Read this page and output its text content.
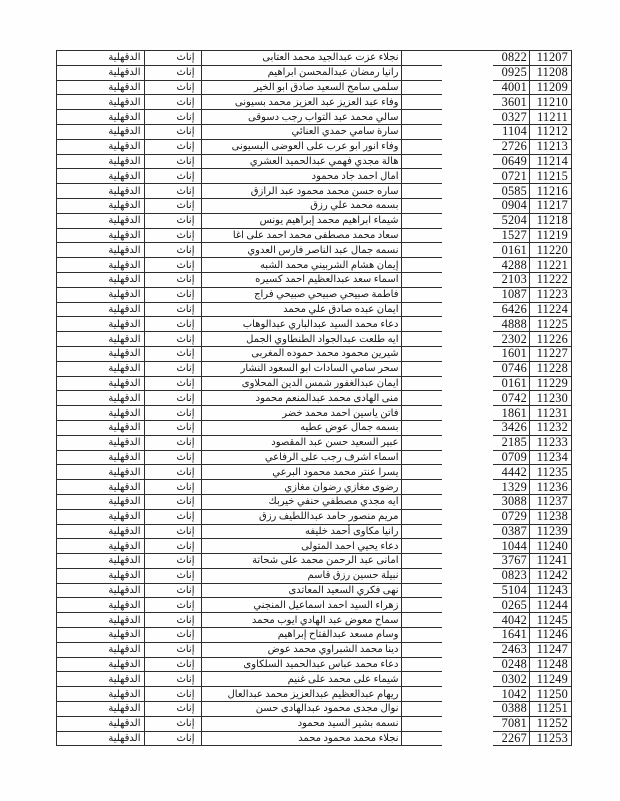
الدقهلية	إناث	نجلاء عزت عبدالجيد محمد العتابى	0822 11207
الدقهلية	إناث	رانيا رمضان عبدالمحسن ابراهيم	0925 11208
الدقهلية	إناث	سلمى سامح السعيد صادق ابو الخير	4001 11209
الدقهلية	إناث	وفاء عبد العزيز عبد العزيز محمد بسيونى	3601 11210
الدقهلية	إناث	سالي محمد عبد التواب رجب دسوقى	0327 11211
الدقهلية	إناث	سارة سامي حمدي العنائي	1104 11212
الدقهلية	إناث	وفاء انور ابو عرب على العوضى البسيونى	2726 11213
الدقهلية	إناث	هالة مجدي فهمي عبدالحميد العشري	0649 11214
الدقهلية	إناث	امال احمد جاد محمود	0721 11215
الدقهلية	إناث	ساره حسن محمد محمود عبد الرازق	0585 11216
الدقهلية	إناث	بسمه محمد علي رزق	0904 11217
الدقهلية	إناث	شيماء ابراهيم محمد إبراهيم يونس	5204 11218
الدقهلية	إناث	سعاد محمد مصطفى محمد احمد على اغا	1527 11219
الدقهلية	إناث	نسمه جمال عبد الناصر فارس العدوي	0161 11220
الدقهلية	إناث	إيمان هشام الشربيني محمد الشبه	4288 11221
الدقهلية	إناث	اسماء سعد عبدالعظيم احمد كسيره	2103 11222
الدقهلية	إناث	فاطمة صبيحي صبيحي صبيحي فراج	1087 11223
الدقهلية	إناث	ايمان عبده صادق علي محمد	6426 11224
الدقهلية	إناث	دعاء محمد السيد عبدالباري عبدالوهاب	4888 11225
الدقهلية	إناث	ايه طلعت عبدالجواد الطنطاوي الجمل	2302 11226
الدقهلية	إناث	شيرين محمود محمد حموده المغربى	1601 11227
الدقهلية	إناث	سحر سامي السادات ابو السعود النشار	0746 11228
الدقهلية	إناث	ايمان عبدالغفور شمس الدين المحلاوى	0161 11229
الدقهلية	إناث	منى الهادى محمد عبدالمنعم محمود	0742 11230
الدقهلية	إناث	فاتن ياسين احمد محمد خضر	1861 11231
الدقهلية	إناث	بسمه جمال عوض عطيه	3426 11232
الدقهلية	إناث	عبير السعيد حسن عبد المقصود	2185 11233
الدقهلية	إناث	اسماء اشرف رجب على الرفاعي	0709 11234
الدقهلية	إناث	يسرا عنتر محمد محمود البرعي	4442 11235
الدقهلية	إناث	رضوى مغازي رضوان مغازي	1329 11236
الدقهلية	إناث	ايه مجدي مصطفي حنفي خيربك	3088 11237
الدقهلية	إناث	مريم منصور حامد عبداللطيف رزق	0729 11238
الدقهلية	إناث	رانيا مكاوى أحمد خليفه	0387 11239
الدقهلية	إناث	دعاء يحيي احمد المتولى	1044 11240
الدقهلية	إناث	امانى عبد الرحمن محمد على شحاتة	3767 11241
الدقهلية	إناث	نبيلة حسين رزق قاسم	0823 11242
الدقهلية	إناث	نهى فكري السعيد المعاتدى	5104 11243
الدقهلية	إناث	زهراء السيد احمد اسماعيل المنجني	0265 11244
الدقهلية	إناث	سماح معوض عبد الهادي ايوب محمد	4042 11245
الدقهلية	إناث	وسام مسعد عبدالفتاح إبراهيم	1641 11246
الدقهلية	إناث	دينا محمد الشبراوي محمد عوض	2463 11247
الدقهلية	إناث	دعاء محمد عباس عبدالحميد السلكاوى	0248 11248
الدقهلية	إناث	شيماء على محمد على غنيم	0302 11249
الدقهلية	إناث	ريهام عبدالعظيم عبدالعزيز محمد عبدالعال	1042 11250
الدقهلية	إناث	نوال مجدى محمود عبدالهادى حسن	0388 11251
الدقهلية	إناث	نسمه بشير السيد محمود	7081 11252
الدقهلية	إناث	نجلاء محمد محمود محمد	2267 11253
